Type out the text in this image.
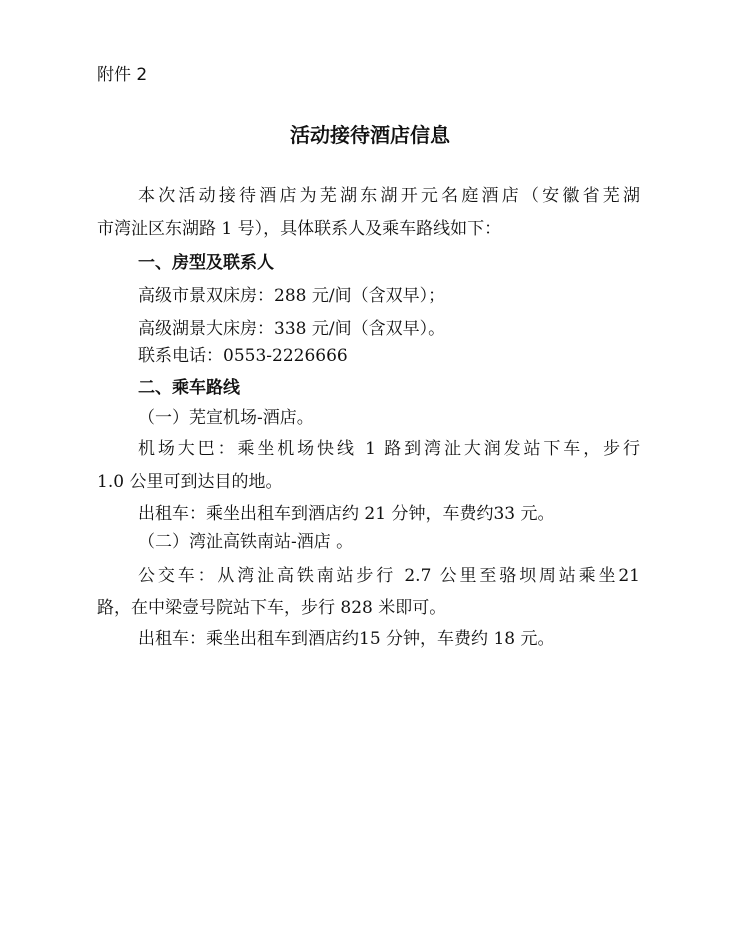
附件 2
活动接待酒店信息
本次活动接待酒店为芜湖东湖开元名庭酒店（安徽省芜湖
市湾沚区东湖路 1 号），具体联系人及乘车路线如下：
一、房型及联系人
高级市景双床房：288 元/间（含双早）；
高级湖景大床房：338 元/间（含双早）。
联系电话：0553-2226666
二、乘车路线
（一）芜宣机场-酒店。
机场大巴：乘坐机场快线 1 路到湾沚大润发站下车，步行
1.0 公里可到达目的地。
出租车：乘坐出租车到酒店约 21 分钟，车费约33 元。
（二）湾沚高铁南站-酒店 。
公交车：从湾沚高铁南站步行 2.7 公里至骆坝周站乘坐21
路，在中梁壹号院站下车，步行 828 米即可。
出租车：乘坐出租车到酒店约15 分钟，车费约 18 元。
